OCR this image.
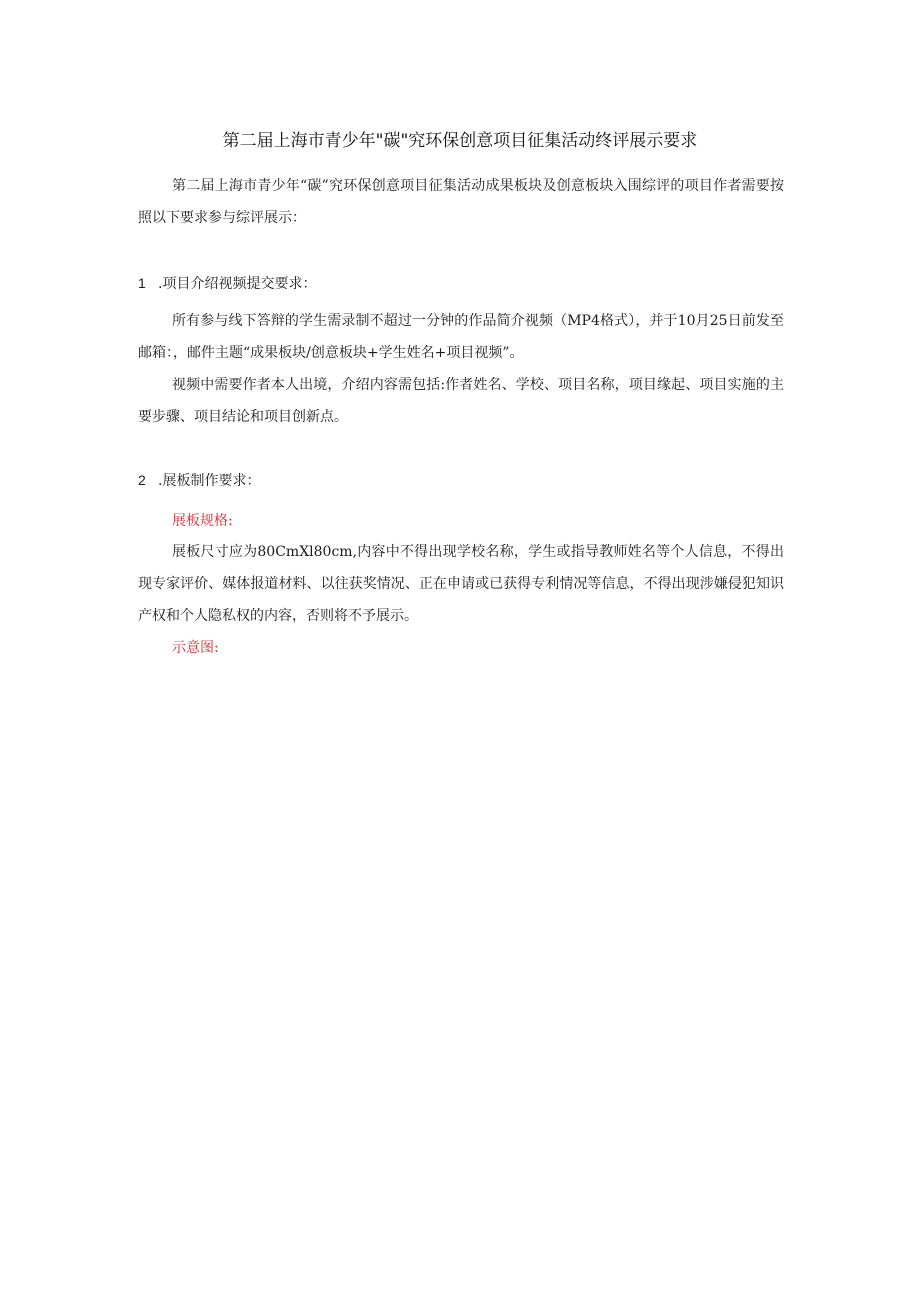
第二届上海市青少年"碳"究环保创意项目征集活动终评展示要求
第二届上海市青少年“碳”究环保创意项目征集活动成果板块及创意板块入围综评的项目作者需要按照以下要求参与综评展示：
1 .项目介绍视频提交要求：
所有参与线下答辩的学生需录制不超过一分钟的作品简介视频（MP4格式），并于10月25日前发至邮箱：，邮件主题“成果板块/创意板块+学生姓名+项目视频”。
视频中需要作者本人出境，介绍内容需包括:作者姓名、学校、项目名称，项目缘起、项目实施的主要步骤、项目结论和项目创新点。
2 .展板制作要求：
展板规格:
展板尺寸应为80CmXl80cm,内容中不得出现学校名称，学生或指导教师姓名等个人信息，不得出现专家评价、媒体报道材料、以往获奖情况、正在申请或已获得专利情况等信息，不得出现涉嫌侵犯知识产权和个人隐私权的内容，否则将不予展示。
示意图:
